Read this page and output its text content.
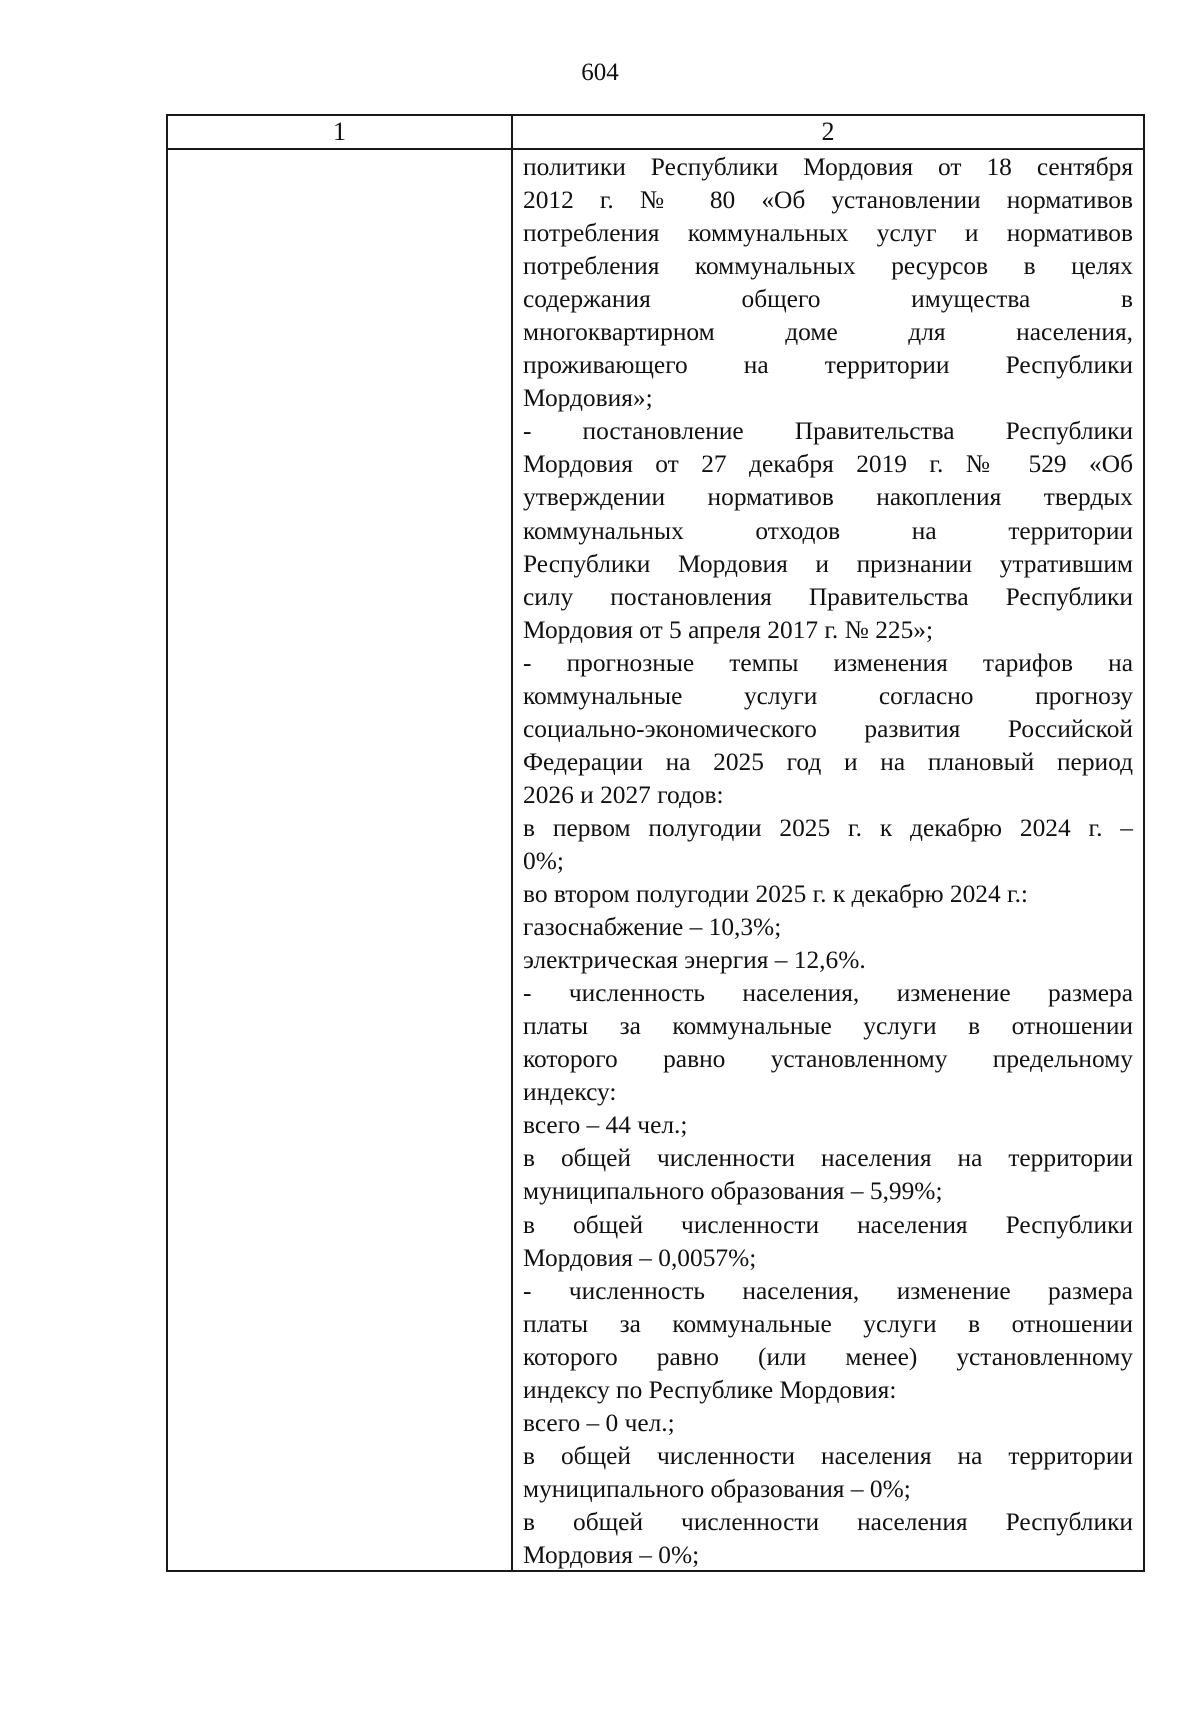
604
1	2
политики Республики Мордовия от 18 сентября
2012 г. № 80 «Об установлении нормативов
потребления коммунальных услуг и нормативов
потребления коммунальных ресурсов в целях
содержания общего имущества в
многоквартирном доме для населения,
проживающего на территории Республики
Мордовия»;
- постановление Правительства Республики
Мордовия от 27 декабря 2019 г. № 529 «Об
утверждении нормативов накопления твердых
коммунальных отходов на территории
Республики Мордовия и признании утратившим
силу постановления Правительства Республики
Мордовия от 5 апреля 2017 г. № 225»;
- прогнозные темпы изменения тарифов на
коммунальные услуги согласно прогнозу
социально-экономического развития Российской
Федерации на 2025 год и на плановый период
2026 и 2027 годов:
в первом полугодии 2025 г. к декабрю 2024 г. –
0%;
во втором полугодии 2025 г. к декабрю 2024 г.:
газоснабжение – 10,3%;
электрическая энергия – 12,6%.
- численность населения, изменение размера
платы за коммунальные услуги в отношении
которого равно установленному предельному
индексу:
всего – 44 чел.;
в общей численности населения на территории
муниципального образования – 5,99%;
в общей численности населения Республики
Мордовия – 0,0057%;
- численность населения, изменение размера
платы за коммунальные услуги в отношении
которого равно (или менее) установленному
индексу по Республике Мордовия:
всего – 0 чел.;
в общей численности населения на территории
муниципального образования – 0%;
в общей численности населения Республики
Мордовия – 0%;
